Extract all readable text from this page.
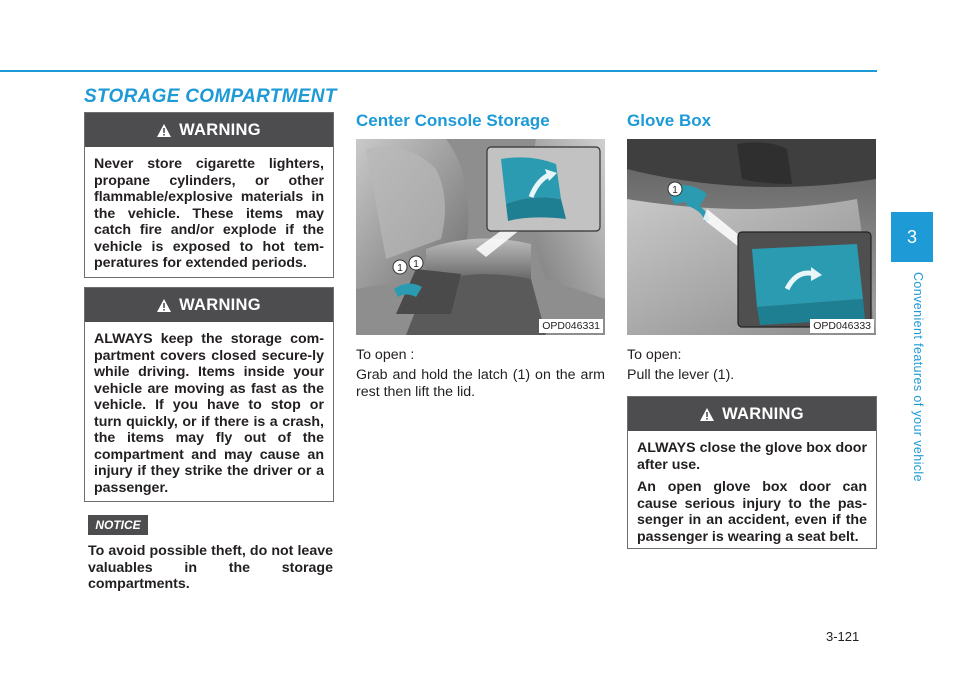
STORAGE COMPARTMENT
3
Convenient features of your vehicle
WARNING
Never store cigarette lighters, propane cylinders, or other flammable/explosive materials in the vehicle. These items may catch fire and/or explode if the vehicle is exposed to hot tem-peratures for extended periods.
WARNING
ALWAYS keep the storage com-partment covers closed secure-ly while driving. Items inside your vehicle are moving as fast as the vehicle. If you have to stop or turn quickly, or if there is a crash, the items may fly out of the compartment and may cause an injury if they strike the driver or a passenger.
NOTICE
To avoid possible theft, do not leave valuables in the storage compartments.
Center Console Storage
1 1
OPD046331
To open :
Grab and hold the latch (1) on the arm rest then lift the lid.
Glove Box
1
OPD046333
To open:
Pull the lever (1).
WARNING

ALWAYS close the glove box door after use.

An open glove box door can cause serious injury to the pas-senger in an accident, even if the passenger is wearing a seat belt.

3-121
